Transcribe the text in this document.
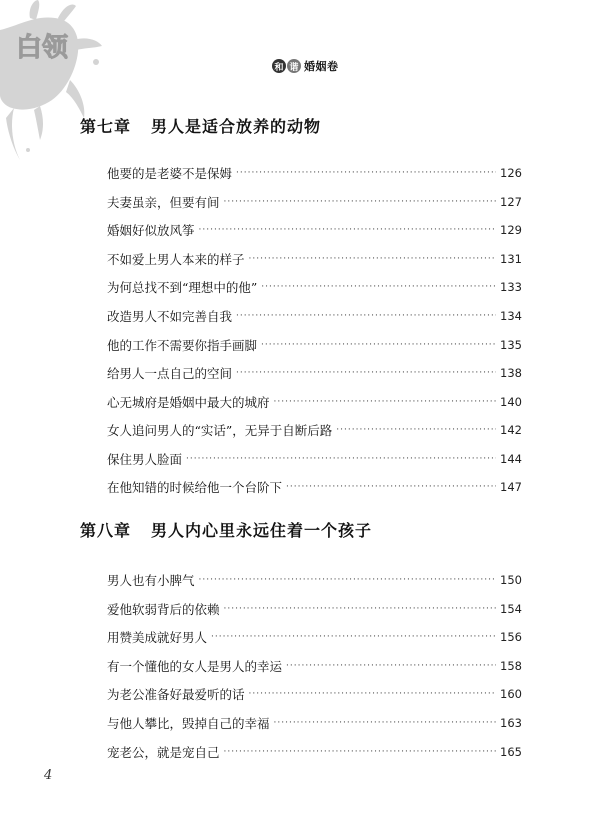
白领
和 谐 婚姻卷
第七章 男人是适合放养的动物
他要的是老婆不是保姆 ·····	126
夫妻虽亲，但要有间 ·····	127
婚姻好似放风筝 ·····	129
不如爱上男人本来的样子 ·····	131
为何总找不到“理想中的他” ·····	133
改造男人不如完善自我 ·····	134
他的工作不需要你指手画脚 ·····	135
给男人一点自己的空间 ·····	138
心无城府是婚姻中最大的城府 ·····	140
女人追问男人的“实话”，无异于自断后路 ·····	142
保住男人脸面 ·····	144
在他知错的时候给他一个台阶下 ·····	147
第八章 男人内心里永远住着一个孩子
男人也有小脾气 ·····	150
爱他软弱背后的依赖 ·····	154
用赞美成就好男人 ·····	156
有一个懂他的女人是男人的幸运 ·····	158
为老公准备好最爱听的话 ·····	160
与他人攀比，毁掉自己的幸福 ·····	163
宠老公，就是宠自己 ·····	165
4
